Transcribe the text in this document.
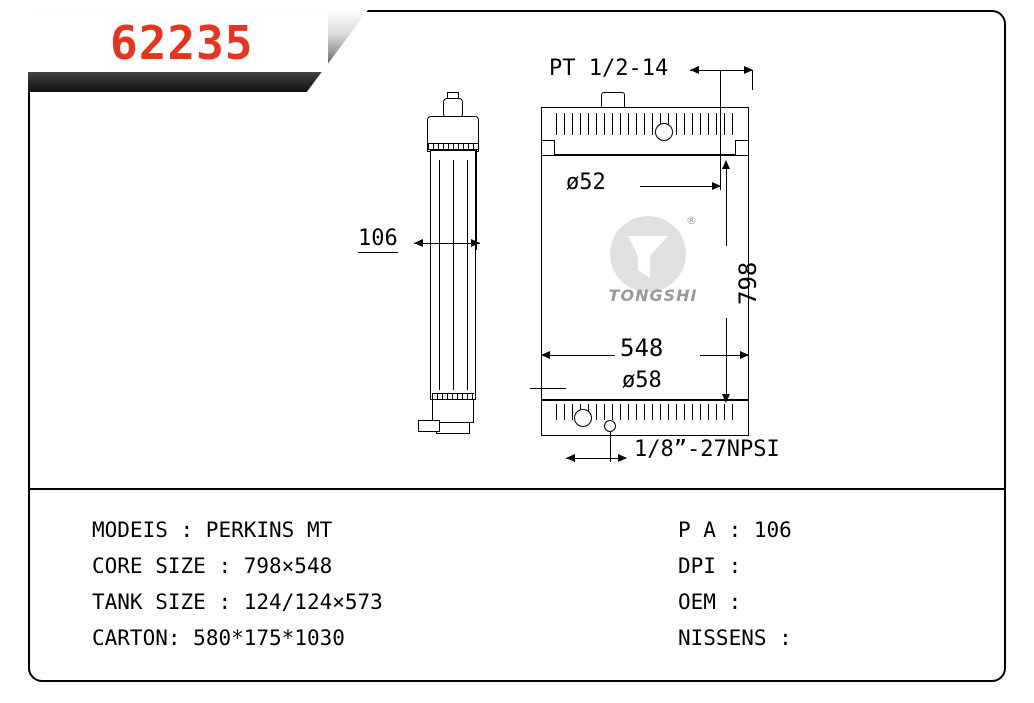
62235
106
®
TONGSHI
PT 1/2-14
ø52
798
548
ø58
1/8”-27NPSI
MODEIS : PERKINS MT
CORE SIZE : 798×548
TANK SIZE : 124/124×573
CARTON: 580*175*1030
P A : 106
DPI :
OEM :
NISSENS :
